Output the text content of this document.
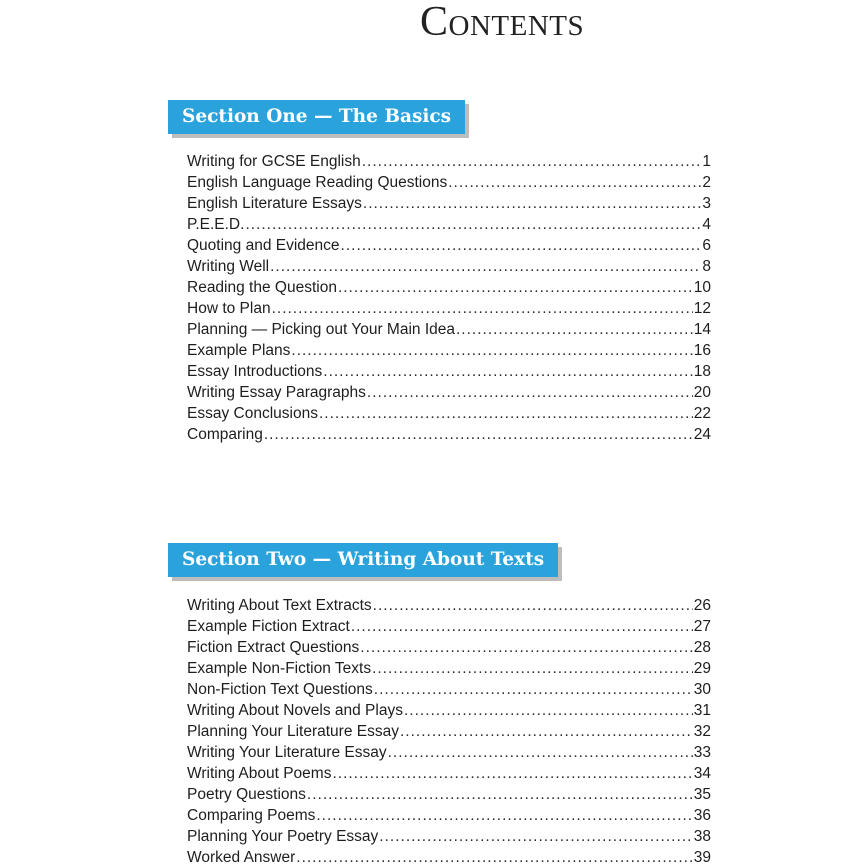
Contents
Section One — The Basics
Writing for GCSE English .....	1
English Language Reading Questions .....	2
English Literature Essays .....	3
P.E.E.D. .....	4
Quoting and Evidence .....	6
Writing Well .....	8
Reading the Question .....	10
How to Plan .....	12
Planning — Picking out Your Main Idea .....	14
Example Plans .....	16
Essay Introductions .....	18
Writing Essay Paragraphs .....	20
Essay Conclusions .....	22
Comparing .....	24
Section Two — Writing About Texts
Writing About Text Extracts .....	26
Example Fiction Extract .....	27
Fiction Extract Questions .....	28
Example Non-Fiction Texts .....	29
Non-Fiction Text Questions .....	30
Writing About Novels and Plays .....	31
Planning Your Literature Essay .....	32
Writing Your Literature Essay .....	33
Writing About Poems .....	34
Poetry Questions .....	35
Comparing Poems .....	36
Planning Your Poetry Essay .....	38
Worked Answer .....	39
